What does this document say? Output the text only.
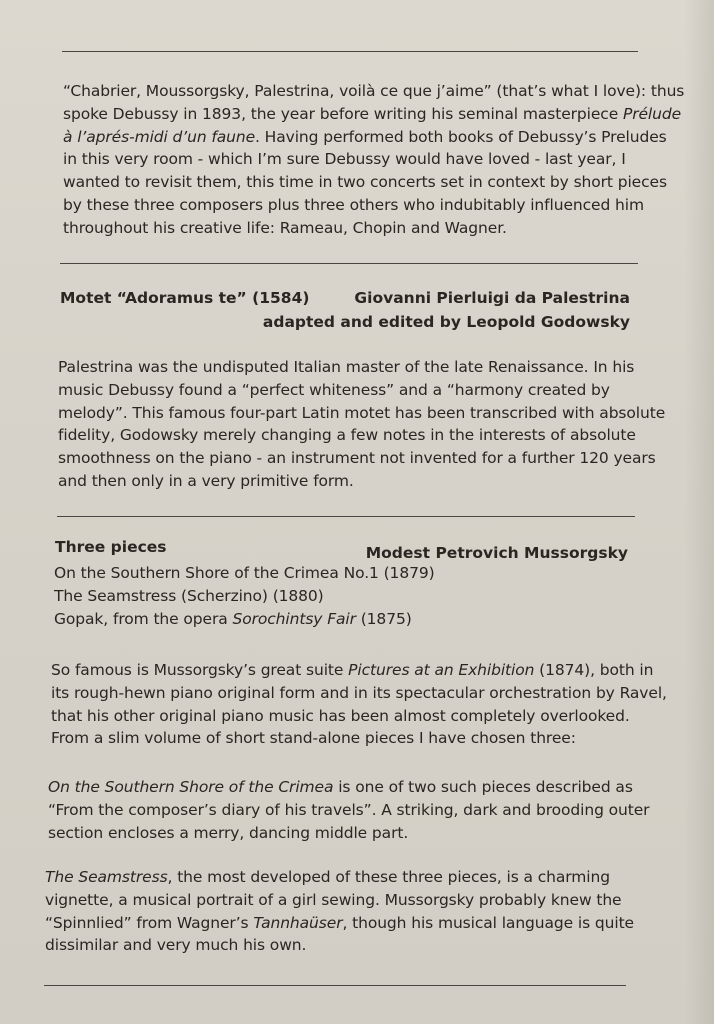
“Chabrier, Moussorgsky, Palestrina, voilà ce que j’aime” (that’s what I love): thus
spoke Debussy in 1893, the year before writing his seminal masterpiece Prélude
à l’aprés-midi d’un faune. Having performed both books of Debussy’s Preludes
in this very room - which I’m sure Debussy would have loved - last year, I
wanted to revisit them, this time in two concerts set in context by short pieces
by these three composers plus three others who indubitably influenced him
throughout his creative life: Rameau, Chopin and Wagner.
Motet “Adoramus te” (1584)	Giovanni Pierluigi da Palestrina
adapted and edited by Leopold Godowsky
Palestrina was the undisputed Italian master of the late Renaissance. In his
music Debussy found a “perfect whiteness” and a “harmony created by
melody”. This famous four-part Latin motet has been transcribed with absolute
fidelity, Godowsky merely changing a few notes in the interests of absolute
smoothness on the piano - an instrument not invented for a further 120 years
and then only in a very primitive form.
Three pieces	Modest Petrovich Mussorgsky
On the Southern Shore of the Crimea No.1 (1879)
The Seamstress (Scherzino) (1880)
Gopak, from the opera Sorochintsy Fair (1875)
So famous is Mussorgsky’s great suite Pictures at an Exhibition (1874), both in
its rough-hewn piano original form and in its spectacular orchestration by Ravel,
that his other original piano music has been almost completely overlooked.
From a slim volume of short stand-alone pieces I have chosen three:
On the Southern Shore of the Crimea is one of two such pieces described as
“From the composer’s diary of his travels”. A striking, dark and brooding outer
section encloses a merry, dancing middle part.
The Seamstress, the most developed of these three pieces, is a charming
vignette, a musical portrait of a girl sewing. Mussorgsky probably knew the
“Spinnlied” from Wagner’s Tannhaüser, though his musical language is quite
dissimilar and very much his own.
